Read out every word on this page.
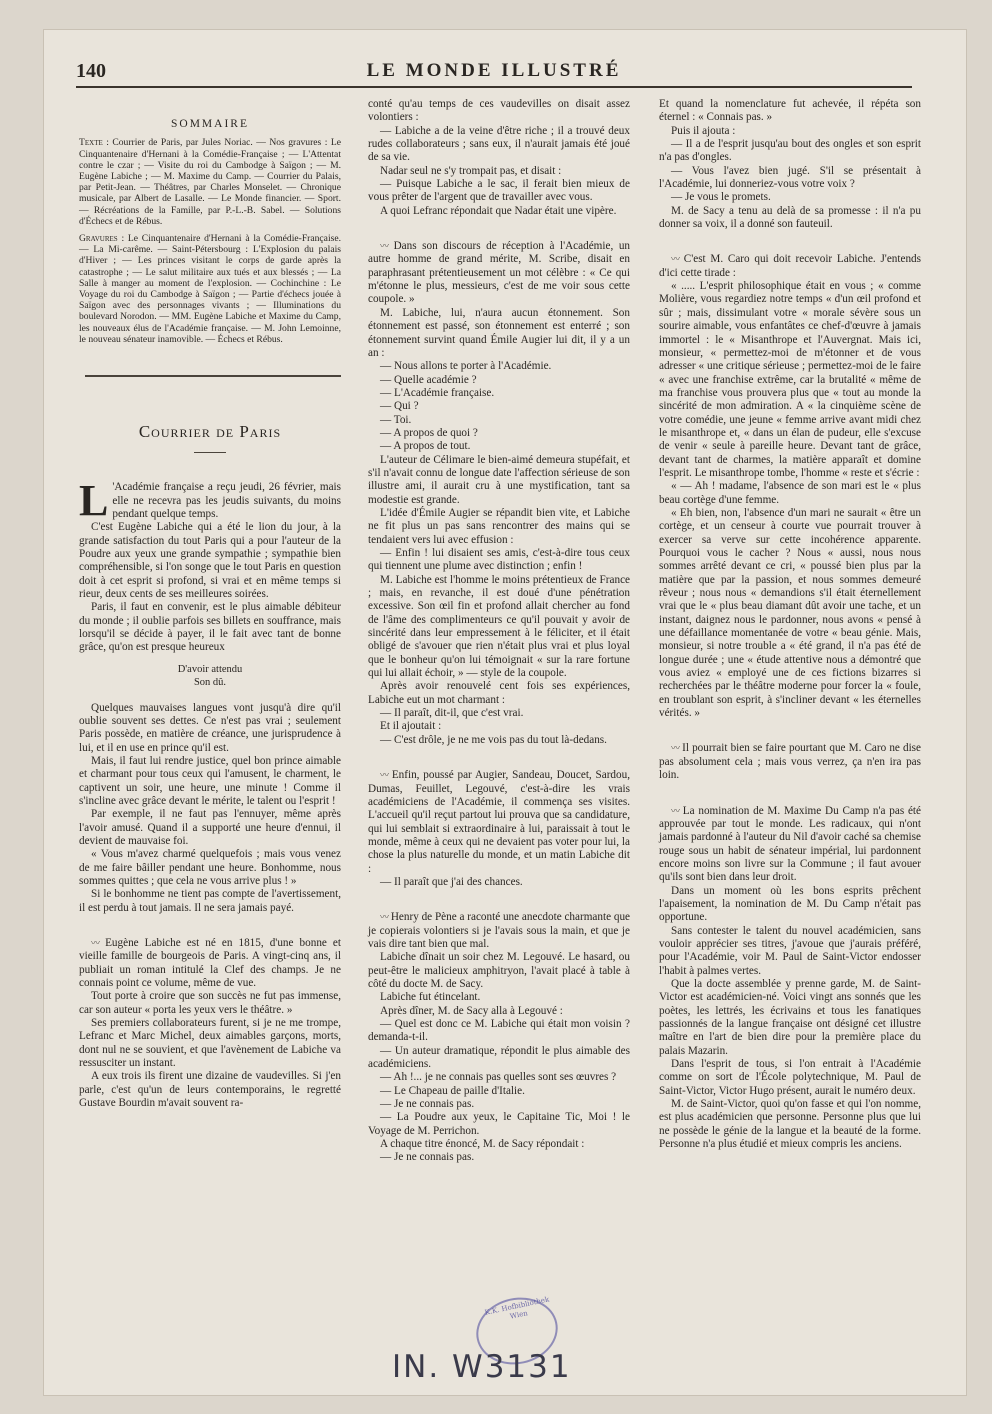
140	LE MONDE ILLUSTRÉ
SOMMAIRE
Texte : Courrier de Paris, par Jules Noriac. — Nos gravures : Le Cinquantenaire d'Hernani à la Comédie-Française ; — L'Attentat contre le czar ; — Visite du roi du Cambodge à Saïgon ; — M. Eugène Labiche ; — M. Maxime du Camp. — Courrier du Palais, par Petit-Jean. — Théâtres, par Charles Monselet. — Chronique musicale, par Albert de Lasalle. — Le Monde financier. — Sport. — Récréations de la Famille, par P.-L.-B. Sabel. — Solutions d'Échecs et de Rébus.
Gravures : Le Cinquantenaire d'Hernani à la Comédie-Française. — La Mi-carême. — Saint-Pétersbourg : L'Explosion du palais d'Hiver ; — Les princes visitant le corps de garde après la catastrophe ; — Le salut militaire aux tués et aux blessés ; — La Salle à manger au moment de l'explosion. — Cochinchine : Le Voyage du roi du Cambodge à Saïgon ; — Partie d'échecs jouée à Saïgon avec des personnages vivants ; — Illuminations du boulevard Norodon. — MM. Eugène Labiche et Maxime du Camp, les nouveaux élus de l'Académie française. — M. John Lemoinne, le nouveau sénateur inamovible. — Échecs et Rébus.
Courrier de Paris

L 'Académie française a reçu jeudi, 26 février, mais elle ne recevra pas les jeudis suivants, du moins pendant quelque temps.

C'est Eugène Labiche qui a été le lion du jour, à la grande satisfaction du tout Paris qui a pour l'auteur de la Poudre aux yeux une grande sympathie ; sympathie bien compréhensible, si l'on songe que le tout Paris en question doit à cet esprit si profond, si vrai et en même temps si rieur, deux cents de ses meilleures soirées.

Paris, il faut en convenir, est le plus aimable débiteur du monde ; il oublie parfois ses billets en souffrance, mais lorsqu'il se décide à payer, il le fait avec tant de bonne grâce, qu'on est presque heureux

D'avoir attendu
Son dû.

Quelques mauvaises langues vont jusqu'à dire qu'il oublie souvent ses dettes. Ce n'est pas vrai ; seulement Paris possède, en matière de créance, une jurisprudence à lui, et il en use en prince qu'il est.

Mais, il faut lui rendre justice, quel bon prince aimable et charmant pour tous ceux qui l'amusent, le charment, le captivent un soir, une heure, une minute ! Comme il s'incline avec grâce devant le mérite, le talent ou l'esprit !

Par exemple, il ne faut pas l'ennuyer, même après l'avoir amusé. Quand il a supporté une heure d'ennui, il devient de mauvaise foi.

« Vous m'avez charmé quelquefois ; mais vous venez de me faire bâiller pendant une heure. Bonhomme, nous sommes quittes ; que cela ne vous arrive plus ! »

Si le bonhomme ne tient pas compte de l'avertissement, il est perdu à tout jamais. Il ne sera jamais payé.

〰 Eugène Labiche est né en 1815, d'une bonne et vieille famille de bourgeois de Paris. A vingt-cinq ans, il publiait un roman intitulé la Clef des champs. Je ne connais point ce volume, même de vue.

Tout porte à croire que son succès ne fut pas immense, car son auteur « porta les yeux vers le théâtre. »

Ses premiers collaborateurs furent, si je ne me trompe, Lefranc et Marc Michel, deux aimables garçons, morts, dont nul ne se souvient, et que l'avènement de Labiche va ressusciter un instant.

A eux trois ils firent une dizaine de vaudevilles. Si j'en parle, c'est qu'un de leurs contemporains, le regretté Gustave Bourdin m'avait souvent ra-

conté qu'au temps de ces vaudevilles on disait assez volontiers :

— Labiche a de la veine d'être riche ; il a trouvé deux rudes collaborateurs ; sans eux, il n'aurait jamais été joué de sa vie.

Nadar seul ne s'y trompait pas, et disait :

— Puisque Labiche a le sac, il ferait bien mieux de vous prêter de l'argent que de travailler avec vous.

A quoi Lefranc répondait que Nadar était une vipère.

〰 Dans son discours de réception à l'Académie, un autre homme de grand mérite, M. Scribe, disait en paraphrasant prétentieusement un mot célèbre : « Ce qui m'étonne le plus, messieurs, c'est de me voir sous cette coupole. »

M. Labiche, lui, n'aura aucun étonnement. Son étonnement est passé, son étonnement est enterré ; son étonnement survint quand Émile Augier lui dit, il y a un an :

— Nous allons te porter à l'Académie.

— Quelle académie ?

— L'Académie française.

— Qui ?

— Toi.

— A propos de quoi ?

— A propos de tout.

L'auteur de Célimare le bien-aimé demeura stupéfait, et s'il n'avait connu de longue date l'affection sérieuse de son illustre ami, il aurait cru à une mystification, tant sa modestie est grande.

L'idée d'Émile Augier se répandit bien vite, et Labiche ne fit plus un pas sans rencontrer des mains qui se tendaient vers lui avec effusion :

— Enfin ! lui disaient ses amis, c'est-à-dire tous ceux qui tiennent une plume avec distinction ; enfin !

M. Labiche est l'homme le moins prétentieux de France ; mais, en revanche, il est doué d'une pénétration excessive. Son œil fin et profond allait chercher au fond de l'âme des complimenteurs ce qu'il pouvait y avoir de sincérité dans leur empressement à le féliciter, et il était obligé de s'avouer que rien n'était plus vrai et plus loyal que le bonheur qu'on lui témoignait « sur la rare fortune qui lui allait échoir, » — style de la coupole.

Après avoir renouvelé cent fois ses expériences, Labiche eut un mot charmant :

— Il paraît, dit-il, que c'est vrai.

Et il ajoutait :

— C'est drôle, je ne me vois pas du tout là-dedans.

〰 Enfin, poussé par Augier, Sandeau, Doucet, Sardou, Dumas, Feuillet, Legouvé, c'est-à-dire les vrais académiciens de l'Académie, il commença ses visites. L'accueil qu'il reçut partout lui prouva que sa candidature, qui lui semblait si extraordinaire à lui, paraissait à tout le monde, même à ceux qui ne devaient pas voter pour lui, la chose la plus naturelle du monde, et un matin Labiche dit :

— Il paraît que j'ai des chances.

〰 Henry de Pène a raconté une anecdote charmante que je copierais volontiers si je l'avais sous la main, et que je vais dire tant bien que mal.

Labiche dînait un soir chez M. Legouvé. Le hasard, ou peut-être le malicieux amphitryon, l'avait placé à table à côté du docte M. de Sacy.

Labiche fut étincelant.

Après dîner, M. de Sacy alla à Legouvé :

— Quel est donc ce M. Labiche qui était mon voisin ? demanda-t-il.

— Un auteur dramatique, répondit le plus aimable des académiciens.

— Ah !... je ne connais pas quelles sont ses œuvres ?

— Le Chapeau de paille d'Italie.

— Je ne connais pas.

— La Poudre aux yeux, le Capitaine Tic, Moi ! le Voyage de M. Perrichon.

A chaque titre énoncé, M. de Sacy répondait :

— Je ne connais pas.

Et quand la nomenclature fut achevée, il répéta son éternel : « Connais pas. »

Puis il ajouta :

— Il a de l'esprit jusqu'au bout des ongles et son esprit n'a pas d'ongles.

— Vous l'avez bien jugé. S'il se présentait à l'Académie, lui donneriez-vous votre voix ?

— Je vous le promets.

M. de Sacy a tenu au delà de sa promesse : il n'a pu donner sa voix, il a donné son fauteuil.

〰 C'est M. Caro qui doit recevoir Labiche. J'entends d'ici cette tirade :

« ..... L'esprit philosophique était en vous ; « comme Molière, vous regardiez notre temps « d'un œil profond et sûr ; mais, dissimulant votre « morale sévère sous un sourire aimable, vous enfantâtes ce chef-d'œuvre à jamais immortel : le « Misanthrope et l'Auvergnat. Mais ici, monsieur, « permettez-moi de m'étonner et de vous adresser « une critique sérieuse ; permettez-moi de le faire « avec une franchise extrême, car la brutalité « même de ma franchise vous prouvera plus que « tout au monde la sincérité de mon admiration. A « la cinquième scène de votre comédie, une jeune « femme arrive avant midi chez le misanthrope et, « dans un élan de pudeur, elle s'excuse de venir « seule à pareille heure. Devant tant de grâce, devant tant de charmes, la matière apparaît et domine l'esprit. Le misanthrope tombe, l'homme « reste et s'écrie :

« — Ah ! madame, l'absence de son mari est le « plus beau cortège d'une femme.

« Eh bien, non, l'absence d'un mari ne saurait « être un cortège, et un censeur à courte vue pourrait trouver à exercer sa verve sur cette incohérence apparente. Pourquoi vous le cacher ? Nous « aussi, nous nous sommes arrêté devant ce cri, « poussé bien plus par la matière que par la passion, et nous sommes demeuré rêveur ; nous nous « demandions s'il était éternellement vrai que le « plus beau diamant dût avoir une tache, et un instant, daignez nous le pardonner, nous avons « pensé à une défaillance momentanée de votre « beau génie. Mais, monsieur, si notre trouble a « été grand, il n'a pas été de longue durée ; une « étude attentive nous a démontré que vous aviez « employé une de ces fictions bizarres si recherchées par le théâtre moderne pour forcer la « foule, en troublant son esprit, à s'incliner devant « les éternelles vérités. »

〰 Il pourrait bien se faire pourtant que M. Caro ne dise pas absolument cela ; mais vous verrez, ça n'en ira pas loin.

〰 La nomination de M. Maxime Du Camp n'a pas été approuvée par tout le monde. Les radicaux, qui n'ont jamais pardonné à l'auteur du Nil d'avoir caché sa chemise rouge sous un habit de sénateur impérial, lui pardonnent encore moins son livre sur la Commune ; il faut avouer qu'ils sont bien dans leur droit.

Dans un moment où les bons esprits prêchent l'apaisement, la nomination de M. Du Camp n'était pas opportune.

Sans contester le talent du nouvel académicien, sans vouloir apprécier ses titres, j'avoue que j'aurais préféré, pour l'Académie, voir M. Paul de Saint-Victor endosser l'habit à palmes vertes.

Que la docte assemblée y prenne garde, M. de Saint-Victor est académicien-né. Voici vingt ans sonnés que les poètes, les lettrés, les écrivains et tous les fanatiques passionnés de la langue française ont désigné cet illustre maître en l'art de bien dire pour la première place du palais Mazarin.

Dans l'esprit de tous, si l'on entrait à l'Académie comme on sort de l'École polytechnique, M. Paul de Saint-Victor, Victor Hugo présent, aurait le numéro deux.

M. de Saint-Victor, quoi qu'on fasse et qui l'on nomme, est plus académicien que personne. Personne plus que lui ne possède le génie de la langue et la beauté de la forme. Personne n'a plus étudié et mieux compris les anciens.

K.K. Hofbibliothek Wien
IN. W3131
